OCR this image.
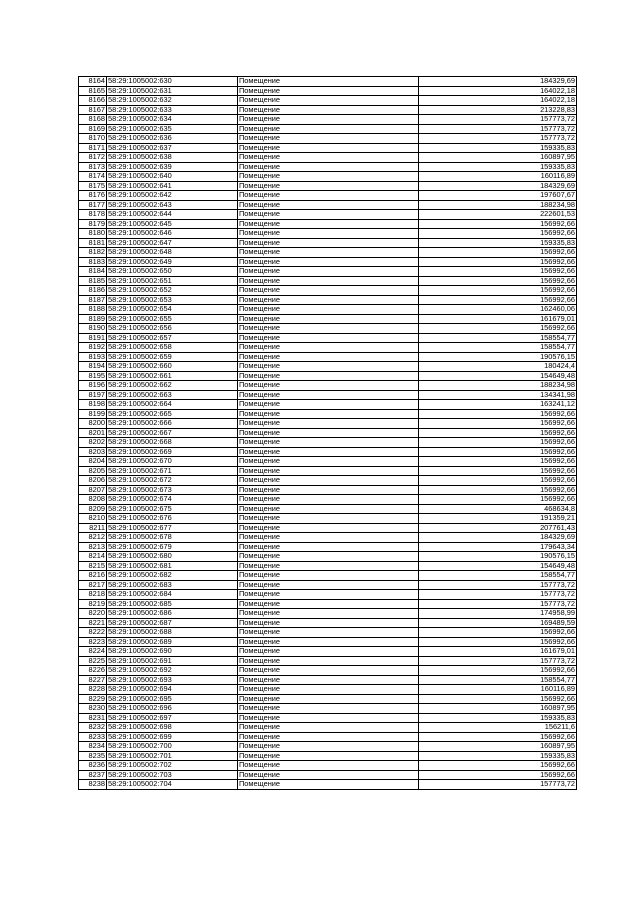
8164	58:29:1005002:630	Помещение	184329,69
8165	58:29:1005002:631	Помещение	164022,18
8166	58:29:1005002:632	Помещение	164022,18
8167	58:29:1005002:633	Помещение	213228,83
8168	58:29:1005002:634	Помещение	157773,72
8169	58:29:1005002:635	Помещение	157773,72
8170	58:29:1005002:636	Помещение	157773,72
8171	58:29:1005002:637	Помещение	159335,83
8172	58:29:1005002:638	Помещение	160897,95
8173	58:29:1005002:639	Помещение	159335,83
8174	58:29:1005002:640	Помещение	160116,89
8175	58:29:1005002:641	Помещение	184329,69
8176	58:29:1005002:642	Помещение	197607,67
8177	58:29:1005002:643	Помещение	188234,98
8178	58:29:1005002:644	Помещение	222601,53
8179	58:29:1005002:645	Помещение	156992,66
8180	58:29:1005002:646	Помещение	156992,66
8181	58:29:1005002:647	Помещение	159335,83
8182	58:29:1005002:648	Помещение	156992,66
8183	58:29:1005002:649	Помещение	156992,66
8184	58:29:1005002:650	Помещение	156992,66
8185	58:29:1005002:651	Помещение	156992,66
8186	58:29:1005002:652	Помещение	156992,66
8187	58:29:1005002:653	Помещение	156992,66
8188	58:29:1005002:654	Помещение	162460,06
8189	58:29:1005002:655	Помещение	161679,01
8190	58:29:1005002:656	Помещение	156992,66
8191	58:29:1005002:657	Помещение	158554,77
8192	58:29:1005002:658	Помещение	158554,77
8193	58:29:1005002:659	Помещение	190576,15
8194	58:29:1005002:660	Помещение	180424,4
8195	58:29:1005002:661	Помещение	154649,48
8196	58:29:1005002:662	Помещение	188234,98
8197	58:29:1005002:663	Помещение	134341,98
8198	58:29:1005002:664	Помещение	163241,12
8199	58:29:1005002:665	Помещение	156992,66
8200	58:29:1005002:666	Помещение	156992,66
8201	58:29:1005002:667	Помещение	156992,66
8202	58:29:1005002:668	Помещение	156992,66
8203	58:29:1005002:669	Помещение	156992,66
8204	58:29:1005002:670	Помещение	156992,66
8205	58:29:1005002:671	Помещение	156992,66
8206	58:29:1005002:672	Помещение	156992,66
8207	58:29:1005002:673	Помещение	156992,66
8208	58:29:1005002:674	Помещение	156992,66
8209	58:29:1005002:675	Помещение	468634,8
8210	58:29:1005002:676	Помещение	191359,21
8211	58:29:1005002:677	Помещение	207761,43
8212	58:29:1005002:678	Помещение	184329,69
8213	58:29:1005002:679	Помещение	179643,34
8214	58:29:1005002:680	Помещение	190576,15
8215	58:29:1005002:681	Помещение	154649,48
8216	58:29:1005002:682	Помещение	158554,77
8217	58:29:1005002:683	Помещение	157773,72
8218	58:29:1005002:684	Помещение	157773,72
8219	58:29:1005002:685	Помещение	157773,72
8220	58:29:1005002:686	Помещение	174958,99
8221	58:29:1005002:687	Помещение	169489,59
8222	58:29:1005002:688	Помещение	156992,66
8223	58:29:1005002:689	Помещение	156992,66
8224	58:29:1005002:690	Помещение	161679,01
8225	58:29:1005002:691	Помещение	157773,72
8226	58:29:1005002:692	Помещение	156992,66
8227	58:29:1005002:693	Помещение	158554,77
8228	58:29:1005002:694	Помещение	160116,89
8229	58:29:1005002:695	Помещение	156992,66
8230	58:29:1005002:696	Помещение	160897,95
8231	58:29:1005002:697	Помещение	159335,83
8232	58:29:1005002:698	Помещение	156211,6
8233	58:29:1005002:699	Помещение	156992,66
8234	58:29:1005002:700	Помещение	160897,95
8235	58:29:1005002:701	Помещение	159335,83
8236	58:29:1005002:702	Помещение	156992,66
8237	58:29:1005002:703	Помещение	156992,66
8238	58:29:1005002:704	Помещение	157773,72
